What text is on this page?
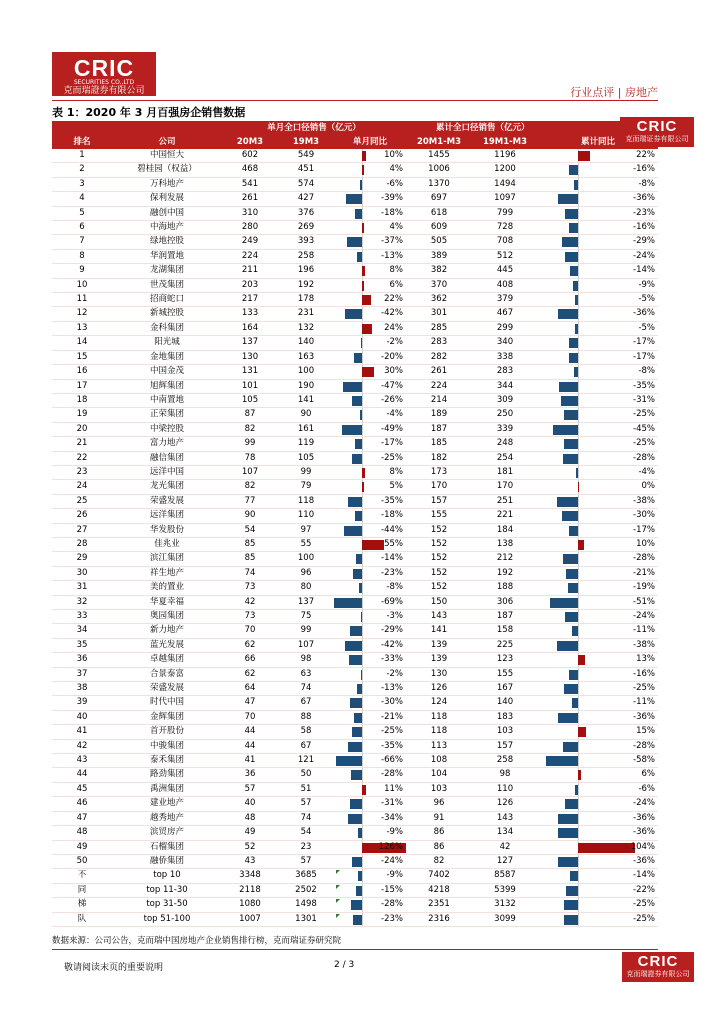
CRIC
SECURITIES CO.,LTD
克而瑞證券有限公司	行业点评 | 房地产
表 1：2020 年 3 月百强房企销售数据
		单月全口径销售（亿元）			累计全口径销售（亿元）		
排名	公司	20M3	19M3	单月同比	20M1-M3	19M1-M3	累计同比
1	中国恒大	602	549	10%	1455	1196	22%

2	碧桂园（权益）	468	451	4%	1006	1200	-16%

3	万科地产	541	574	-6%	1370	1494	-8%

4	保利发展	261	427	-39%	697	1097	-36%

5	融创中国	310	376	-18%	618	799	-23%

6	中海地产	280	269	4%	609	728	-16%

7	绿地控股	249	393	-37%	505	708	-29%

8	华润置地	224	258	-13%	389	512	-24%

9	龙湖集团	211	196	8%	382	445	-14%

10	世茂集团	203	192	6%	370	408	-9%

11	招商蛇口	217	178	22%	362	379	-5%

12	新城控股	133	231	-42%	301	467	-36%

13	金科集团	164	132	24%	285	299	-5%

14	阳光城	137	140	-2%	283	340	-17%

15	金地集团	130	163	-20%	282	338	-17%

16	中国金茂	131	100	30%	261	283	-8%

17	旭辉集团	101	190	-47%	224	344	-35%

18	中南置地	105	141	-26%	214	309	-31%

19	正荣集团	87	90	-4%	189	250	-25%

20	中梁控股	82	161	-49%	187	339	-45%

21	富力地产	99	119	-17%	185	248	-25%

22	融信集团	78	105	-25%	182	254	-28%

23	远洋中国	107	99	8%	173	181	-4%

24	龙光集团	82	79	5%	170	170	0%

25	荣盛发展	77	118	-35%	157	251	-38%

26	远洋集团	90	110	-18%	155	221	-30%

27	华发股份	54	97	-44%	152	184	-17%

28	佳兆业	85	55	55%	152	138	10%

29	滨江集团	85	100	-14%	152	212	-28%

30	祥生地产	74	96	-23%	152	192	-21%

31	美的置业	73	80	-8%	152	188	-19%

32	华夏幸福	42	137	-69%	150	306	-51%

33	奥园集团	73	75	-3%	143	187	-24%

34	新力地产	70	99	-29%	141	158	-11%

35	蓝光发展	62	107	-42%	139	225	-38%

36	卓越集团	66	98	-33%	139	123	13%

37	合景泰富	62	63	-2%	130	155	-16%

38	荣盛发展	64	74	-13%	126	167	-25%

39	时代中国	47	67	-30%	124	140	-11%

40	金辉集团	70	88	-21%	118	183	-36%

41	首开股份	44	58	-25%	118	103	15%

42	中骏集团	44	67	-35%	113	157	-28%

43	泰禾集团	41	121	-66%	108	258	-58%

44	路劲集团	36	50	-28%	104	98	6%

45	禹洲集团	57	51	11%	103	110	-6%

46	建业地产	40	57	-31%	96	126	-24%

47	越秀地产	48	74	-34%	91	143	-36%

48	滨贸房产	49	54	-9%	86	134	-36%

49	石榴集团	52	23	126%	86	42	104%

50	融侨集团	43	57	-24%	82	127	-36%

不	top 10	3348	3685	-9%	7402	8587	-14%

同	top 11-30	2118	2502	-15%	4218	5399	-22%

梯	top 31-50	1080	1498	-28%	2351	3132	-25%

队	top 51-100	1007	1301	-23%	2316	3099	-25%
CRIC
克而瑞证券有限公司
数据来源：公司公告，克而瑞中国房地产企业销售排行榜，克而瑞证券研究院
敬请阅读末页的重要说明	2 / 3	CRIC
克而瑞證券有限公司
